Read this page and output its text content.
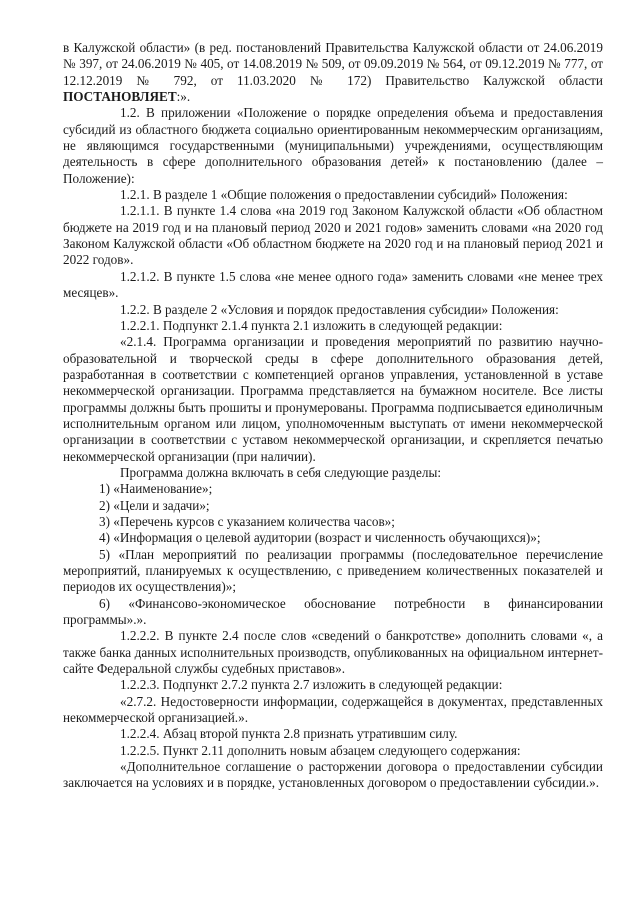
в Калужской области» (в ред. постановлений Правительства Калужской области от 24.06.2019 № 397, от 24.06.2019 № 405, от 14.08.2019 № 509, от 09.09.2019 № 564, от 09.12.2019 № 777, от 12.12.2019 № 792, от 11.03.2020 № 172) Правительство Калужской области ПОСТАНОВЛЯЕТ:».

1.2. В приложении «Положение о порядке определения объема и предоставления субсидий из областного бюджета социально ориентированным некоммерческим организациям, не являющимся государственными (муниципальными) учреждениями, осуществляющим деятельность в сфере дополнительного образования детей» к постановлению (далее – Положение):

1.2.1. В разделе 1 «Общие положения о предоставлении субсидий» Положения:

1.2.1.1. В пункте 1.4 слова «на 2019 год Законом Калужской области «Об областном бюджете на 2019 год и на плановый период 2020 и 2021 годов» заменить словами «на 2020 год Законом Калужской области «Об областном бюджете на 2020 год и на плановый период 2021 и 2022 годов».

1.2.1.2. В пункте 1.5 слова «не менее одного года» заменить словами «не менее трех месяцев».

1.2.2. В разделе 2 «Условия и порядок предоставления субсидии» Положения:

1.2.2.1. Подпункт 2.1.4 пункта 2.1 изложить в следующей редакции:

«2.1.4. Программа организации и проведения мероприятий по развитию научно-образовательной и творческой среды в сфере дополнительного образования детей, разработанная в соответствии с компетенцией органов управления, установленной в уставе некоммерческой организации. Программа представляется на бумажном носителе. Все листы программы должны быть прошиты и пронумерованы. Программа подписывается единоличным исполнительным органом или лицом, уполномоченным выступать от имени некоммерческой организации в соответствии с уставом некоммерческой организации, и скрепляется печатью некоммерческой организации (при наличии).

Программа должна включать в себя следующие разделы:

1) «Наименование»;

2) «Цели и задачи»;

3) «Перечень курсов с указанием количества часов»;

4) «Информация о целевой аудитории (возраст и численность обучающихся)»;

5) «План мероприятий по реализации программы (последовательное перечисление мероприятий, планируемых к осуществлению, с приведением количественных показателей и периодов их осуществления)»;

6) «Финансово-экономическое обоснование потребности в финансировании программы».».

1.2.2.2. В пункте 2.4 после слов «сведений о банкротстве» дополнить словами «, а также банка данных исполнительных производств, опубликованных на официальном интернет-сайте Федеральной службы судебных приставов».

1.2.2.3. Подпункт 2.7.2 пункта 2.7 изложить в следующей редакции:

«2.7.2. Недостоверности информации, содержащейся в документах, представленных некоммерческой организацией.».

1.2.2.4. Абзац второй пункта 2.8 признать утратившим силу.

1.2.2.5. Пункт 2.11 дополнить новым абзацем следующего содержания:

«Дополнительное соглашение о расторжении договора о предоставлении субсидии заключается на условиях и в порядке, установленных договором о предоставлении субсидии.».
